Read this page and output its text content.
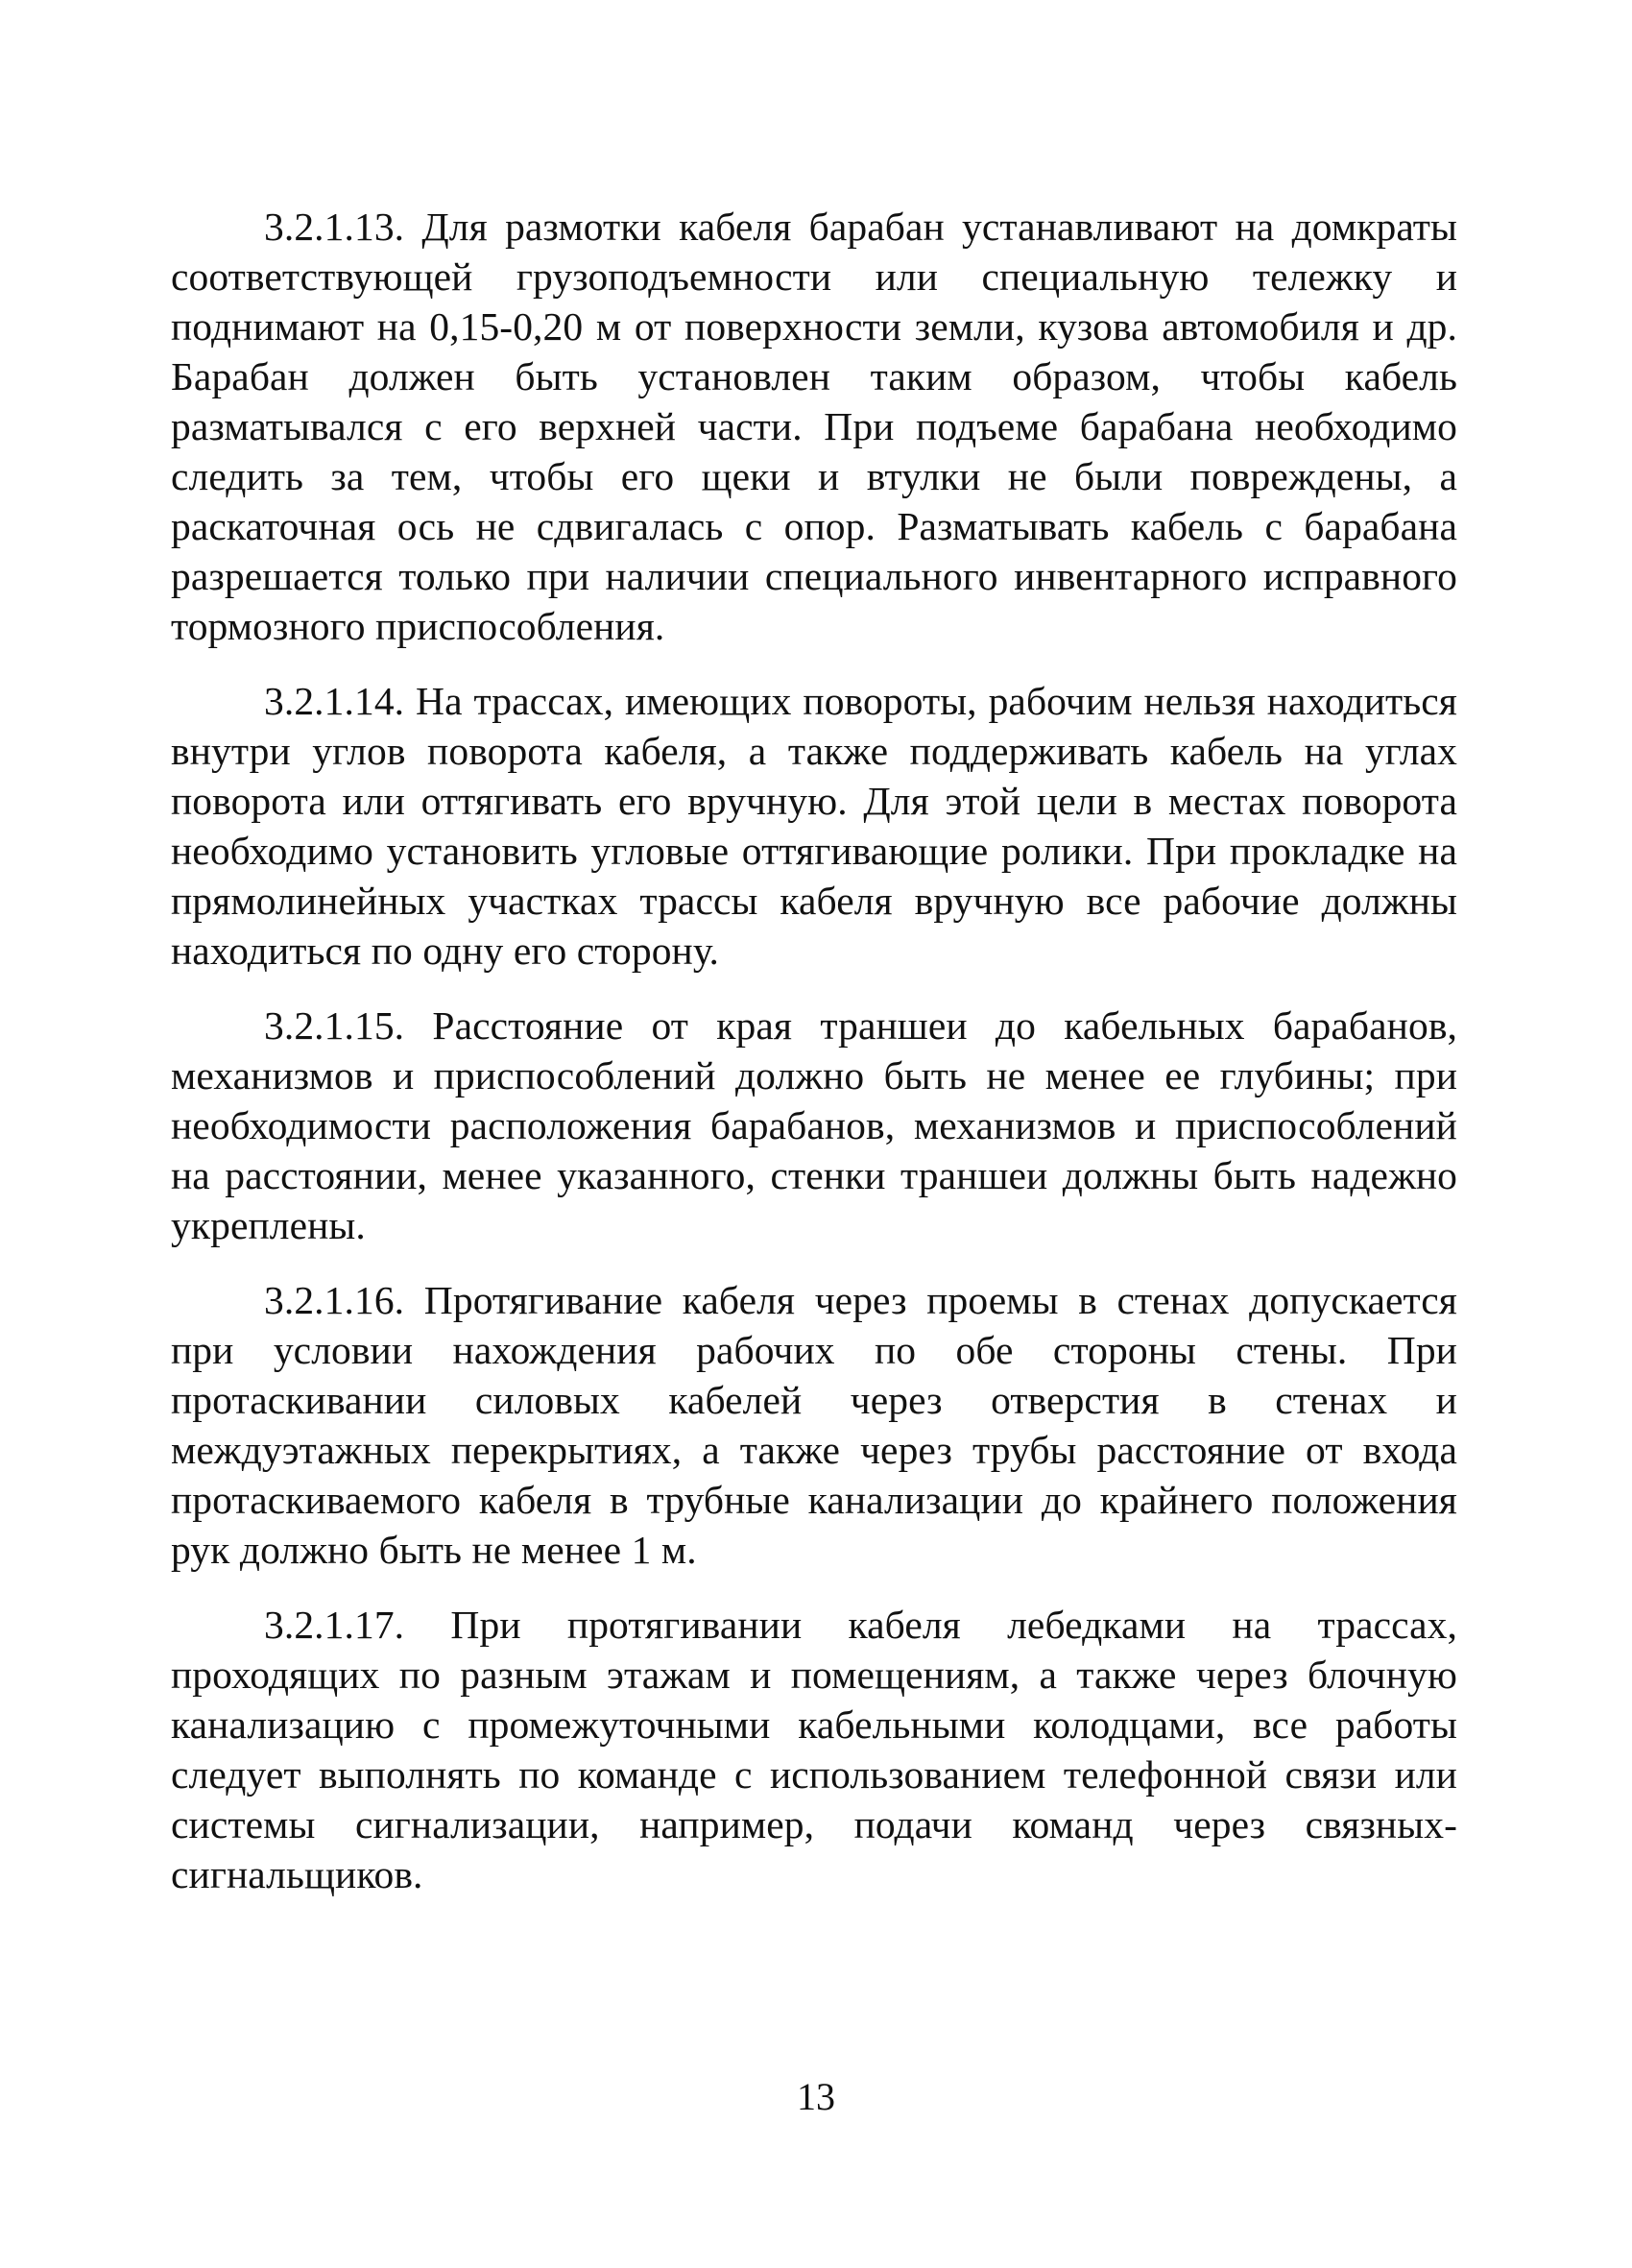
3.2.1.13. Для размотки кабеля барабан устанавливают на домкраты соответствующей грузоподъемности или специальную тележку и поднимают на 0,15-0,20 м от поверхности земли, кузова автомобиля и др. Барабан должен быть установлен таким образом, чтобы кабель разматывался с его верхней части. При подъеме барабана необходимо следить за тем, чтобы его щеки и втулки не были повреждены, а раскаточная ось не сдвигалась с опор. Разматывать кабель с барабана разрешается только при наличии специального инвентарного исправного тормозного приспособления.

3.2.1.14. На трассах, имеющих повороты, рабочим нельзя находиться внутри углов поворота кабеля, а также поддерживать кабель на углах поворота или оттягивать его вручную. Для этой цели в местах поворота необходимо установить угловые оттягивающие ролики. При прокладке на прямолинейных участках трассы кабеля вручную все рабочие должны находиться по одну его сторону.

3.2.1.15. Расстояние от края траншеи до кабельных барабанов, механизмов и приспособлений должно быть не менее ее глубины; при необходимости расположения барабанов, механизмов и приспособлений на расстоянии, менее указанного, стенки траншеи должны быть надежно укреплены.

3.2.1.16. Протягивание кабеля через проемы в стенах допускается при условии нахождения рабочих по обе стороны стены. При протаскивании силовых кабелей через отверстия в стенах и междуэтажных перекрытиях, а также через трубы расстояние от входа протаскиваемого кабеля в трубные канализации до крайнего положения рук должно быть не менее 1 м.

3.2.1.17. При протягивании кабеля лебедками на трассах, проходящих по разным этажам и помещениям, а также через блочную канализацию с промежуточными кабельными колодцами, все работы следует выполнять по команде с использованием телефонной связи или системы сигнализации, например, подачи команд через связных-сигнальщиков.

13
